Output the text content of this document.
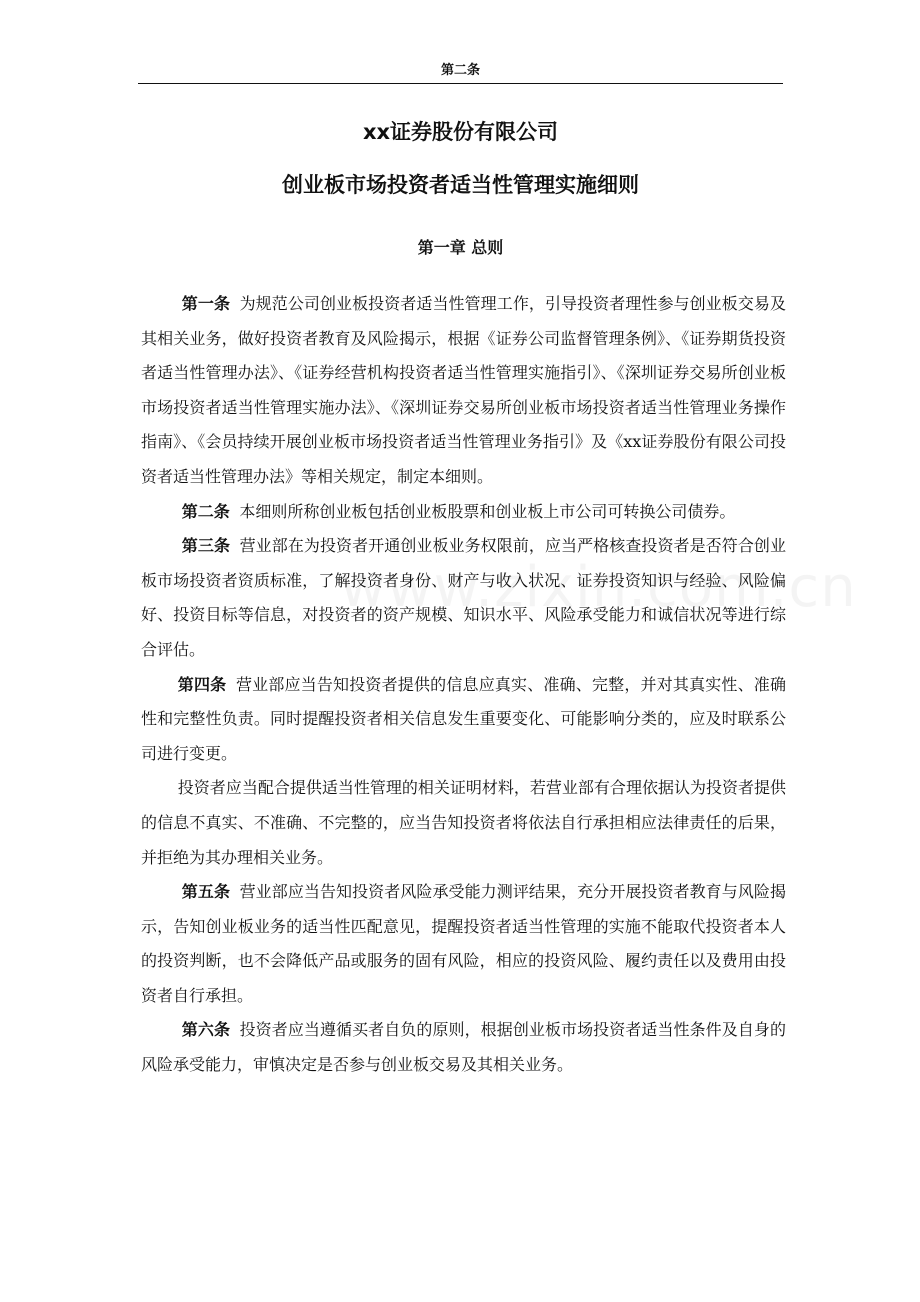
第二条
xx证券股份有限公司
创业板市场投资者适当性管理实施细则
第一章 总则

第一条 为规范公司创业板投资者适当性管理工作，引导投资者理性参与创业板交易及其相关业务，做好投资者教育及风险揭示，根据《证券公司监督管理条例》、《证券期货投资者适当性管理办法》、《证券经营机构投资者适当性管理实施指引》、《深圳证券交易所创业板市场投资者适当性管理实施办法》、《深圳证券交易所创业板市场投资者适当性管理业务操作指南》、《会员持续开展创业板市场投资者适当性管理业务指引》及《xx证券股份有限公司投资者适当性管理办法》等相关规定，制定本细则。

第二条 本细则所称创业板包括创业板股票和创业板上市公司可转换公司债券。

第三条 营业部在为投资者开通创业板业务权限前，应当严格核查投资者是否符合创业板市场投资者资质标准，了解投资者身份、财产与收入状况、证券投资知识与经验、风险偏好、投资目标等信息，对投资者的资产规模、知识水平、风险承受能力和诚信状况等进行综合评估。

第四条 营业部应当告知投资者提供的信息应真实、准确、完整，并对其真实性、准确性和完整性负责。同时提醒投资者相关信息发生重要变化、可能影响分类的，应及时联系公司进行变更。

投资者应当配合提供适当性管理的相关证明材料，若营业部有合理依据认为投资者提供的信息不真实、不准确、不完整的，应当告知投资者将依法自行承担相应法律责任的后果，并拒绝为其办理相关业务。

第五条 营业部应当告知投资者风险承受能力测评结果，充分开展投资者教育与风险揭示，告知创业板业务的适当性匹配意见，提醒投资者适当性管理的实施不能取代投资者本人的投资判断，也不会降低产品或服务的固有风险，相应的投资风险、履约责任以及费用由投资者自行承担。

第六条 投资者应当遵循买者自负的原则，根据创业板市场投资者适当性条件及自身的风险承受能力，审慎决定是否参与创业板交易及其相关业务。
